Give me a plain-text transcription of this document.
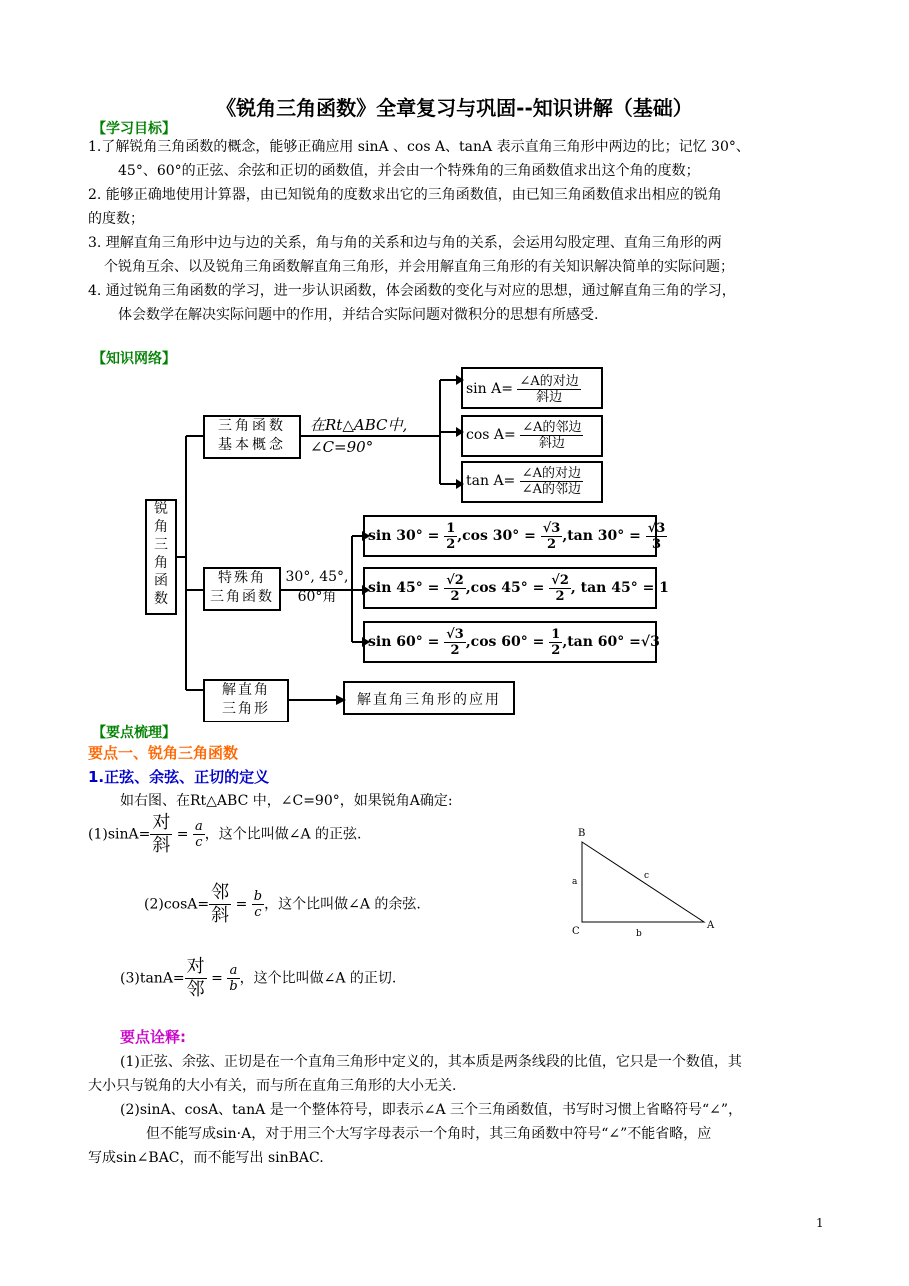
《锐角三角函数》全章复习与巩固--知识讲解（基础）
【学习目标】
1.了解锐角三角函数的概念，能够正确应用 sinA 、cos A、tanA 表示直角三角形中两边的比；记忆 30°、
45°、60°的正弦、余弦和正切的函数值，并会由一个特殊角的三角函数值求出这个角的度数；
2. 能够正确地使用计算器，由已知锐角的度数求出它的三角函数值，由已知三角函数值求出相应的锐角
的度数；
3. 理解直角三角形中边与边的关系，角与角的关系和边与角的关系，会运用勾股定理、直角三角形的两
个锐角互余、以及锐角三角函数解直角三角形，并会用解直角三角形的有关知识解决简单的实际问题；
4. 通过锐角三角函数的学习，进一步认识函数，体会函数的变化与对应的思想，通过解直角三角的学习，
体会数学在解决实际问题中的作用，并结合实际问题对微积分的思想有所感受.
【知识网络】
锐
角
三
角
函
数
三角函数
基本概念
在Rt△ABC中,
∠C=90°
$\sin A= \frac{\text{∠A的对边}}{\text{斜边}}$
$\cos A= \frac{\text{∠A的邻边}}{\text{斜边}}$
$\tan A= \frac{\text{∠A的对边}}{\text{∠A的邻边}}$
特殊角
三角函数
30°, 45°,
60°角
$\sin 30^\circ = \frac{1}{2} ,\cos$ $30^\circ = \frac{√3}{2} ,\tan$ $30^\circ = \frac{√3}{3}$
$\sin 45^\circ = \frac{√2}{2} ,\cos$ $45^\circ = \frac{√2}{2}$ , tan 45° = 1
$\sin 60^\circ = \frac{√3}{2} ,\cos$ $60^\circ = \frac{1}{2} ,\tan$ 60° =√3
解直角
三角形
解直角三角形的应用
【要点梳理】
要点一、锐角三角函数
1.正弦、余弦、正切的定义
如右图、在Rt△ABC 中，∠C=90°，如果锐角A确定:
$(1)\sin A= \frac{\text{对}}{\text{斜}} = \frac{a}{c}$ ，这个比叫做∠A 的正弦.
$(2)\cos A= \frac{\text{邻}}{\text{斜}} = \frac{b}{c}$ ，这个比叫做∠A 的余弦.
$(3)\tan A= \frac{\text{对}}{\text{邻}} = \frac{a}{b}$ ，这个比叫做∠A 的正切.
B
C
A
a
b
c
要点诠释:
(1)正弦、余弦、正切是在一个直角三角形中定义的，其本质是两条线段的比值，它只是一个数值，其
大小只与锐角的大小有关，而与所在直角三角形的大小无关.
(2)sinA、cosA、tanA 是一个整体符号，即表示∠A 三个三角函数值，书写时习惯上省略符号“∠”，
但不能写成sin·A，对于用三个大写字母表示一个角时，其三角函数中符号“∠”不能省略，应
写成sin∠BAC，而不能写出 sinBAC.
1
